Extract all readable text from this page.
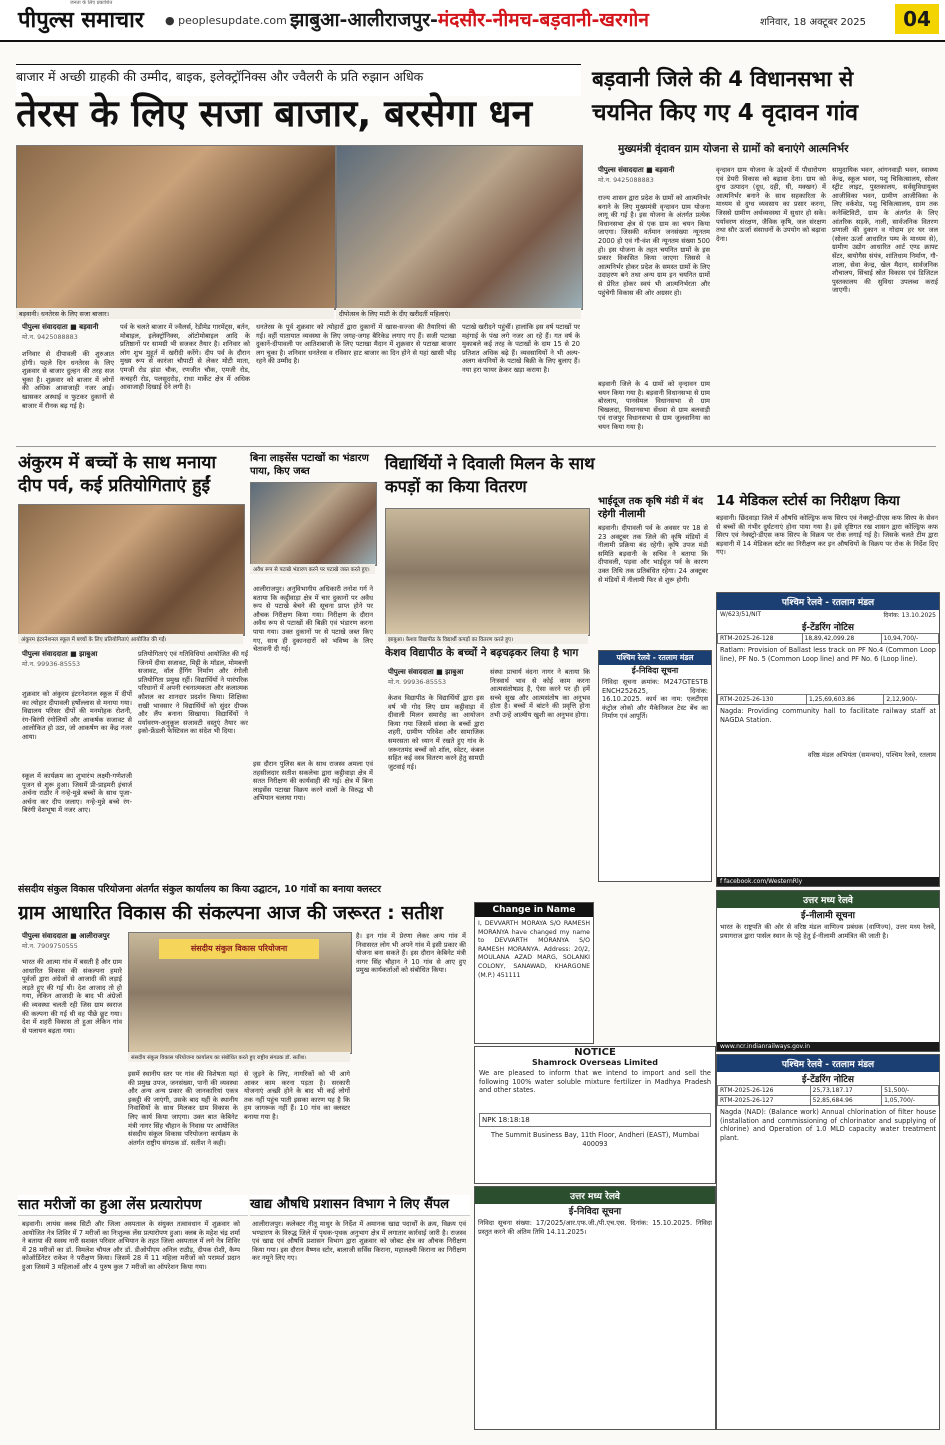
पीपुल्स समाचार
जनता के लिए प्रकाशित
● peoplesupdate.com झाबुआ-आलीराजपुर-मंदसौर-नीमच-बड़वानी-खरगोन	शनिवार, 18 अक्टूबर 2025	04
बाजार में अच्छी ग्राहकी की उम्मीद, बाइक, इलेक्ट्रॉनिक्स और ज्वैलरी के प्रति रुझान अधिक
तेरस के लिए सजा बाजार, बरसेगा धन
बड़वानी। धनतेरस के लिए सजा बाजार।	दीपोत्सव के लिए माटी के दीए खरीदतीं महिलाएं।
पीपुल्स संवाददाता ■ बड़वानी
मो.न. 9425088883
शनिवार से दीपावली की शुरुआत होगी। पहले दिन धनतेरस के लिए शुक्रवार से बाजार दुल्हन की तरह सज चुका है। शुक्रवार को बाजार में लोगों की अधिक आवाजाही नजर आई। खासकर अस्थाई व फुटकर दुकानों से बाजार में रौनक बढ़ गई है।
पर्व के चलते बाजार में ज्वैलर्स, रेडीमेड गारमेंट्स, बर्तन, मोबाइल, इलेक्ट्रॉनिक्स, ऑटोमोबाइल आदि के प्रतिष्ठानों पर सामग्री भी सजकर तैयार है। शनिवार को लोग शुभ मुहूर्त में खरीदी करेंगे। दीप पर्व के दौरान मुख्य रूप से कारंजा चौपाटी से लेकर मोटी माता, एमजी रोड झंडा चौक, रणजीत चौक, एमजी रोड, कचहरी रोड, पलसूदरोड़, राधा मार्केट क्षेत्र में अधिक आवाजाही दिखाई देने लगी है।
धनतेरस के पूर्व शुक्रवार को त्योहारों द्वारा दुकानों में खास-सज्जा की तैयारियां की गईं। वहीं यातायात व्यवस्था के लिए जगह-जगह बैरिकेड लगाए गए हैं। सजी पटाखा दुकानें-दीपावली पर आतिशबाजी के लिए पटाखा मैदान में शुक्रवार से पटाखा बाजार लग चुका है। शनिवार धनतेरस व रविवार हाट बाजार का दिन होने से यहां खासी भीड़ रहने की उम्मीद है।
पटाखे खरीदने पहुंचीं। हालांकि इस वर्ष पटाखों पर महंगाई के पंख लगे नजर आ रहे हैं। गत वर्ष के मुकाबले कई तरह के पटाखों के दाम 15 से 20 प्रतिशत अधिक बढ़े हैं। व्यवसायियों ने भी अल्प-अलग कंपनियों के पटाखे बिक्री के लिए बुलाए हैं। नया हरा फायर क्रेकर खड़ा कराया है।
बड़वानी जिले की 4 विधानसभा से
चयनित किए गए 4 वृदावन गांव
मुख्यमंत्री वृंदावन ग्राम योजना से ग्रामों को बनाएंगे आत्मनिर्भर
पीपुल्स संवाददाता ■ बड़वानी
मो.न. 9425088883
राज्य शासन द्वारा प्रदेश के ग्रामों को आत्मनिर्भर बनाने के लिए मुख्यमंत्री वृन्दावन ग्राम योजना लागू की गई है। इस योजना के अंतर्गत प्रत्येक विधानसभा क्षेत्र से एक ग्राम का चयन किया जाएगा। जिसकी वर्तमान जनसंख्या न्यूनतम 2000 हो एवं गौ-वंश की न्यूनतम संख्या 500 हो। इस योजना के तहत चयनित ग्रामों के इस प्रकार विकसित किया जाएगा जिससे वे आत्मनिर्भर होकर प्रदेश के समस्त ग्रामों के लिए उदाहरण बने तथा अन्य ग्राम इन चयनित ग्रामों से प्रेरित होकर स्वयं भी आत्मनिर्भरता और पहुंचेगी विकास की ओर अग्रसर हो।
बड़वानी जिले के 4 ग्रामों को वृन्दावन ग्राम चयन किया गया है। बड़वानी विधानसभा से ग्राम बोरलाय, पानसेमल विधानसभा से ग्राम चिखलदा, विधानसभा सेंधवा से ग्राम बलवाड़ी एवं राजपुर विधानसभा से ग्राम जुलवानिया का चयन किया गया है।
वृन्दावन ग्राम योजना के उद्देश्यों में पौधारोपण एवं डेयरी विकास को बढ़ावा देना। ग्राम को दुग्ध उत्पादन (दूध, दही, घी, मक्खन) में आत्मनिर्भर बनाने के साथ सहकारिता के माध्यम से दुग्ध व्यवसाय का प्रसार करना, जिससे ग्रामीण अर्थव्यवस्था में सुधार हो सके। पर्यावरण संरक्षण, जैविक कृषि, जल संरक्षण तथा सौर ऊर्जा संसाधनों के उपयोग को बढ़ावा देना।
सामुदायिक भवन, आंगनवाड़ी भवन, स्वास्थ्य केन्द्र, स्कूल भवन, पशु चिकित्सालय, सोलर स्ट्रीट लाइट, पुस्तकालय, सर्वसुविधायुक्त आजीविका भवन, ग्रामीण आजीविका के लिए वर्कशेड, पशु चिकित्सालय, ग्राम तक कनेक्टिविटी, ग्राम के अंतर्गत के लिए आंतरिक सड़कें, नाली, सार्वजनिक वितरण प्रणाली की दुकान व गोदाम हर घर जल (सोलर ऊर्जा आधारित पम्प के माध्यम से), ग्रामीण उद्योग आधारित आर्ट एण्ड क्राफ्ट सेंटर, बायोगैस संयंत्र, शांतिधाम निर्माण, गौ-शाला, सेवा केन्द्र, खेल मैदान, सार्वजनिक शौचालय, सिंचाई स्रोत विकास एवं डिजिटल पुस्तकालय की सुविधा उपलब्ध कराई जाएगी।
अंकुरम में बच्चों के साथ मनाया दीप पर्व, कई प्रतियोगिताएं हुईं
अंकुरम इंटरनेशनल स्कूल में बच्चों के लिए प्रतियोगिताएं आयोजित की गईं।
पीपुल्स संवाददाता ■ झाबुआ
मो.न. 99936-85553
शुक्रवार को अंकुरम इंटरनेशनल स्कूल में दीपों का त्योहार दीपावली हर्षोल्लास से मनाया गया। विद्यालय परिसर दीपों की मनमोहक रोशनी, रंग-बिरंगी रंगोलियों और आकर्षक सजावट से आलोकित हो उठा, जो आकर्षण का केंद्र नजर आया।
स्कूल में कार्यक्रम का शुभारंभ लक्ष्मी-गणेशजी पूजन से शुरू हुआ। जिसमें प्री-प्राइमरी इंचार्ज अर्चना राठौर ने नन्हे-मुन्ने बच्चों के साथ पूजा-अर्चना कर दीप जलाए। नन्हे-मुन्ने बच्चे रंग-बिरंगी वेशभूषा में नजर आए।
प्रतियोगिताएं एवं गतिविधियां आयोजित की गईं जिनमें दीया सजावट, मिट्टी के मॉडल, मोमबत्ती सजावट, वॉल हैंगिंग निर्माण और रंगोली प्रतियोगिता प्रमुख रहीं। विद्यार्थियों ने पारंपरिक परिधानों में अपनी रचनात्मकता और कलात्मक कौशल का शानदार प्रदर्शन किया। शिक्षिका राखी भावसार ने विद्यार्थियों को सुंदर दीपक और लैंप बनाना सिखाया। विद्यार्थियों ने पर्यावरण-अनुकूल सजावटी वस्तुएं तैयार कर इको-फ्रेंडली फेस्टिवल का संदेश भी दिया।
बिना लाइसेंस पटाखों का भंडारण पाया, किए जब्त
अवैध रूप से पटाखे भंडारण करने पर पटाखे जब्त करते हुए।
आलीराजपुर। अनुविभागीय अधिकारी तनोश गर्ग ने बताया कि कट्ठीवाड़ा क्षेत्र में चार दुकानों पर अवैध रूप से पटाखे बेचने की सूचना प्राप्त होने पर औचक निरीक्षण किया गया। निरीक्षण के दौरान अवैध रूप से पटाखों की बिक्री एवं भंडारण करना पाया गया। उक्त दुकानों पर से पटाखे जब्त किए गए, साथ ही दुकानदारों को भविष्य के लिए चेतावनी दी गई।
इस दौरान पुलिस बल के साथ राजस्व अमला एवं तहसीलदार सतीश सकलेचा द्वारा कट्ठीवाड़ा क्षेत्र में सतत निरीक्षण की कार्यवाही की गई। क्षेत्र में बिना लाइसेंस पटाखा विक्रय करने वालों के विरुद्ध भी अभियान चलाया गया।
विद्यार्थियों ने दिवाली मिलन के साथ कपड़ों का किया वितरण
झाबुआ। केशव विद्यापीठ के विद्यार्थी कपड़ों का वितरण करते हुए।
केशव विद्यापीठ के बच्चों ने बढ़चढ़कर लिया है भाग
पीपुल्स संवाददाता ■ झाबुआ
मो.न. 99936-85553
केशव विद्यापीठ के विद्यार्थियों द्वारा इस वर्ष भी गोद लिए ग्राम कट्ठीवाड़ा में दीवाली मिलन समारोह का आयोजन किया गया जिसमें संस्था के बच्चों द्वारा शहरी, ग्रामीण परिवेश और सामाजिक समरसता को ध्यान में रखते हुए गांव के जरूरतमंद बच्चों को शॉल, स्वेटर, कंबल सहित कई वस्त्र वितरण करने हेतु सामग्री जुटवाई गई।
संस्था प्राचार्य वंदना नागर ने बताया कि निःस्वार्थ भाव से कोई काम करना आत्मसंतोषप्रद है, ऐसा करने पर ही हमें सच्चे सुख और आत्मसंतोष का अनुभव होता है। बच्चों में बांटने की प्रवृत्ति होना तभी उन्हें आत्मीय खुशी का अनुभव होगा।
भाईदूज तक कृषि मंडी में बंद रहेगी नीलामी
बड़वानी। दीपावली पर्व के अवसर पर 18 से 23 अक्टूबर तक जिले की कृषि मंडियों में नीलामी प्रक्रिया बंद रहेगी। कृषि उपज मंडी समिति बड़वानी के सचिव ने बताया कि दीपावली, पड़वा और भाईदूज पर्व के कारण उक्त तिथि तक प्रतिबंधित रहेगा। 24 अक्टूबर से मंडियों में नीलामी फिर से शुरू होगी।
14 मेडिकल स्टोर्स का निरीक्षण किया
बड़वानी। छिंदवाड़ा जिले में औषधि कोल्ड्रिफ कफ सिरप एवं नेक्स्ट्रो-डीएस कफ सिरप के सेवन से बच्चों की गंभीर दुर्घटनाएं होना पाया गया है। इसे दृष्टिगत रख शासन द्वारा कोल्ड्रिफ कफ सिरप एवं नेक्स्ट्रो-डीएस कफ सिरप के विक्रय पर रोक लगाई गई है। जिसके चलते टीम द्वारा बड़वानी में 14 मेडिकल स्टोर का निरीक्षण कर इन औषधियों के विक्रय पर रोक के निर्देश दिए गए।
पश्चिम रेलवे - रतलाम मंडल
W/623/51/NIT	दिनांक: 13.10.2025
ई-टेंडरिंग नोटिस
RTM-2025-26-128	18,89,42,099.28	10,94,700/-
Ratlam: Provision of Ballast less track on PF No.4 (Common Loop line), PF No. 5 (Common Loop line) and PF No. 6 (Loop line).
RTM-2025-26-130	1,25,69,603.86	2,12,900/-
Nagda: Providing community hall to facilitate railway staff at NAGDA Station.
वरिष्ठ मंडल अभियंता (समन्वय), पश्चिम रेलवे, रतलाम
f facebook.com/WesternRly
पश्चिम रेलवे - रतलाम मंडल
ई-निविदा सूचना
निविदा सूचना क्रमांक: M247GTESTB ENCH252625, दिनांक: 16.10.2025. कार्य का नाम: एलटीएस कंट्रोल लोको और मैकेनिकल टेस्ट बेंच का निर्माण एवं आपूर्ति।
उत्तर मध्य रेलवे
ई-नीलामी सूचना
भारत के राष्ट्रपति की ओर से वरिष्ठ मंडल वाणिज्य प्रबंधक (वाणिज्य), उत्तर मध्य रेलवे, प्रयागराज द्वारा पार्सल स्थान के पट्टे हेतु ई-नीलामी आमंत्रित की जाती है।
www.ncr.indianrailways.gov.in
संसदीय संकुल विकास परियोजना अंतर्गत संकुल कार्यालय का किया उद्घाटन, 10 गांवों का बनाया क्लस्टर
ग्राम आधारित विकास की संकल्पना आज की जरूरत : सतीश
पीपुल्स संवाददाता ■ आलीराजपुर
मो.न. 7909750555
भारत की आत्मा गांव में बसती है और ग्राम आधारित विकास की संकल्पना हमारे पूर्वजों द्वारा अंग्रेजों से आजादी की लड़ाई लड़ते हुए की गई थी। देश आजाद तो हो गया, लेकिन आजादी के बाद भी अंग्रेजों की व्यवस्था चलती रही जिस ग्राम स्वराज की कल्पना की गई थी वह पीछे छूट गया। देश में शहरी विकास तो हुआ लेकिन गांव से पलायन बढ़ता गया।
संसदीय संकुल विकास परियोजना
संसदीय संकुल विकास परियोजना कार्यालय का संबोधित करते हुए राष्ट्रीय संगठक डॉ. सतीश।
इसमें स्थानीय स्तर पर गांव की विशेषता यहां की प्रमुख उपज, जनसंख्या, पानी की व्यवस्था और अन्य अन्य प्रकार की जानकारियां एकत्र इकट्ठी की जाएंगी, उसके बाद यहीं के स्थानीय निवासियों के साथ मिलकर ग्राम विकास के लिए कार्य किया जाएगा। उक्त बात केबिनेट मंत्री नागर सिंह चौहान के निवास पर आयोजित संसदीय संकुल विकास परियोजना कार्यक्रम के अंतर्गत राष्ट्रीय संगठक डॉ. सतीश ने कही।
से जुड़ने के लिए, नागरिकों को भी आगे आकर काम करना पड़ता है। सरकारी योजनाएं अच्छी होने के बाद भी कई लोगों तक नहीं पहुंच पाती इसका कारण यह है कि हम जागरूक नहीं हैं। 10 गांव का क्लस्टर बनाया गया है।
है। इन गांव में प्रेरणा लेकर अन्य गांव में निवासरत लोग भी अपने गांव में इसी प्रकार की योजना बना सकते हैं। इस दौरान केबिनेट मंत्री नागर सिंह चौहान ने 10 गांव से आए हुए प्रमुख कार्यकर्ताओं को संबोधित किया।
Change in Name
I, DEVVARTH MORAYA S/O RAMESH MORANYA have changed my name to DEVVARTH MORANYA S/O RAMESH MORANYA. Address: 20/2, MOULANA AZAD MARG, SOLANKI COLONY, SANAWAD, KHARGONE (M.P.) 451111
NOTICE
Shamrock Overseas Limited
We are pleased to inform that we intend to import and sell the following 100% water soluble mixture fertilizer in Madhya Pradesh and other states.
NPK 18:18:18
The Summit Business Bay, 11th Floor, Andheri (EAST), Mumbai 400093
उत्तर मध्य रेलवे
ई-निविदा सूचना
निविदा सूचना संख्या: 17/2025/आर.एफ.जी./पी.एच.एस. दिनांक: 15.10.2025. निविदा प्रस्तुत करने की अंतिम तिथि 14.11.2025।
पश्चिम रेलवे - रतलाम मंडल
ई-टेंडरिंग नोटिस
RTM-2025-26-126	25,73,187.17	51,500/-
RTM-2025-26-127	52,85,684.96	1,05,700/-
Nagda (NAD): (Balance work) Annual chlorination of filter house (installation and commissioning of chlorinator and supplying of chlorine) and Operation of 1.0 MLD capacity water treatment plant.
सात मरीजों का हुआ लेंस प्रत्यारोपण
बड़वानी। लायंस क्लब सिटी और जिला अस्पताल के संयुक्त तत्वावधान में शुक्रवार को आयोजित नेत्र शिविर में 7 मरीजों का निःशुल्क लेंस प्रत्यारोपण हुआ। क्लब के महेश चंद्र शर्मा ने बताया की स्वस्थ नारी सशक्त परिवार अभियान के तहत जिला अस्पताल में लगे नेत्र शिविर में 28 मरीजों का डॉ. विमलेश चौयल और डॉ. डीओपीएम अनिल राठौड़, दीपक रोशी, कैम्प कोऑर्डिनेटर राकेश ने परीक्षण किया। जिसमें 28 में 11 महिला मरीजों को परामर्श प्रदान हुआ जिसमें 3 महिलाओं और 4 पुरुष कुल 7 मरीजों का ऑपरेशन किया गया।
खाद्य औषधि प्रशासन विभाग ने लिए सैंपल
आलीराजपुर। कलेक्टर नीतू माथुर के निर्देश में अमानक खाद्य पदार्थों के क्रय, विक्रय एवं भण्डारण के विरुद्ध जिले में पृथक-पृथक अनुभाग क्षेत्र में लगातार कार्रवाई जारी है। राजस्व एवं खाद्य एवं औषधि प्रशासन विभाग द्वारा शुक्रवार को जोबट क्षेत्र का औचक निरीक्षण किया गया। इस दौरान वैष्णव स्टोर, बालाजी सर्विस किराना, महालक्ष्मी किराना का निरीक्षण कर नमूने लिए गए।
